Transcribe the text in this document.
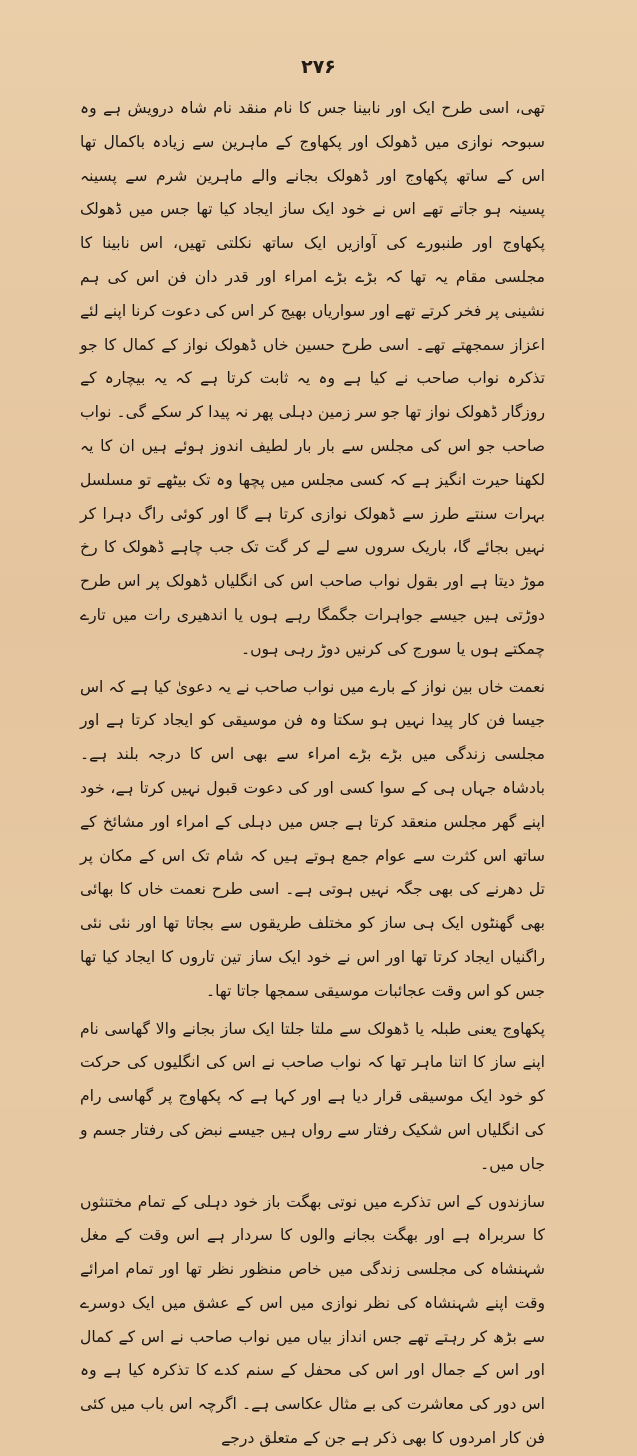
۲۷۶

تھی، اسی طرح ایک اور نابینا جس کا نام منقد نام شاہ درویش ہے وہ سبوحہ نوازی میں ڈھولک اور پکھاوج کے ماہرین سے زیادہ باکمال تھا اس کے ساتھ پکھاوج اور ڈھولک بجانے والے ماہرین شرم سے پسینہ پسینہ ہو جاتے تھے اس نے خود ایک ساز ایجاد کیا تھا جس میں ڈھولک پکھاوج اور طنبورے کی آوازیں ایک ساتھ نکلتی تھیں، اس نابینا کا مجلسی مقام یہ تھا کہ بڑے بڑے امراء اور قدر دان فن اس کی ہم نشینی پر فخر کرتے تھے اور سواریاں بھیج کر اس کی دعوت کرنا اپنے لئے اعزاز سمجھتے تھے۔ اسی طرح حسین خاں ڈھولک نواز کے کمال کا جو تذکرہ نواب صاحب نے کیا ہے وہ یہ ثابت کرتا ہے کہ یہ بیچارہ کے روزگار ڈھولک نواز تھا جو سر زمین دہلی پھر نہ پیدا کر سکے گی۔ نواب صاحب جو اس کی مجلس سے بار بار لطیف اندوز ہوئے ہیں ان کا یہ لکھنا حیرت انگیز ہے کہ کسی مجلس میں پچھا وہ تک بیٹھے تو مسلسل بہرات سنتے طرز سے ڈھولک نوازی کرتا ہے گا اور کوئی راگ دہرا کر نہیں بجائے گا، باریک سروں سے لے کر گت تک جب چاہے ڈھولک کا رخ موڑ دیتا ہے اور بقول نواب صاحب اس کی انگلیاں ڈھولک پر اس طرح دوڑتی ہیں جیسے جواہرات جگمگا رہے ہوں یا اندھیری رات میں تارے چمکتے ہوں یا سورج کی کرنیں دوڑ رہی ہوں۔

نعمت خاں بین نواز کے بارے میں نواب صاحب نے یہ دعویٰ کیا ہے کہ اس جیسا فن کار پیدا نہیں ہو سکتا وہ فن موسیقی کو ایجاد کرتا ہے اور مجلسی زندگی میں بڑے بڑے امراء سے بھی اس کا درجہ بلند ہے۔ بادشاہ جہاں ہی کے سوا کسی اور کی دعوت قبول نہیں کرتا ہے، خود اپنے گھر مجلس منعقد کرتا ہے جس میں دہلی کے امراء اور مشائخ کے ساتھ اس کثرت سے عوام جمع ہوتے ہیں کہ شام تک اس کے مکان پر تل دھرنے کی بھی جگہ نہیں ہوتی ہے۔ اسی طرح نعمت خاں کا بھائی بھی گھنٹوں ایک ہی ساز کو مختلف طریقوں سے بجاتا تھا اور نئی نئی راگنیاں ایجاد کرتا تھا اور اس نے خود ایک ساز تین تاروں کا ایجاد کیا تھا جس کو اس وقت عجائبات موسیقی سمجھا جاتا تھا۔

پکھاوج یعنی طبلہ یا ڈھولک سے ملتا جلتا ایک ساز بجانے والا گھاسی نام اپنے ساز کا اتنا ماہر تھا کہ نواب صاحب نے اس کی انگلیوں کی حرکت کو خود ایک موسیقی قرار دیا ہے اور کہا ہے کہ پکھاوج پر گھاسی رام کی انگلیاں اس شکیک رفتار سے رواں ہیں جیسے نبض کی رفتار جسم و جاں میں۔

سازندوں کے اس تذکرے میں نوتی بھگت باز خود دہلی کے تمام مختنثوں کا سربراہ ہے اور بھگت بجانے والوں کا سردار ہے اس وقت کے مغل شہنشاہ کی مجلسی زندگی میں خاص منظور نظر تھا اور تمام امرائے وقت اپنے شہنشاہ کی نظر نوازی میں اس کے عشق میں ایک دوسرے سے بڑھ کر رہتے تھے جس انداز بیاں میں نواب صاحب نے اس کے کمال اور اس کے جمال اور اس کی محفل کے سنم کدے کا تذکرہ کیا ہے وہ اس دور کی معاشرت کی بے مثال عکاسی ہے۔ اگرچہ اس باب میں کئی فن کار امردوں کا بھی ذکر ہے جن کے متعلق درجے
